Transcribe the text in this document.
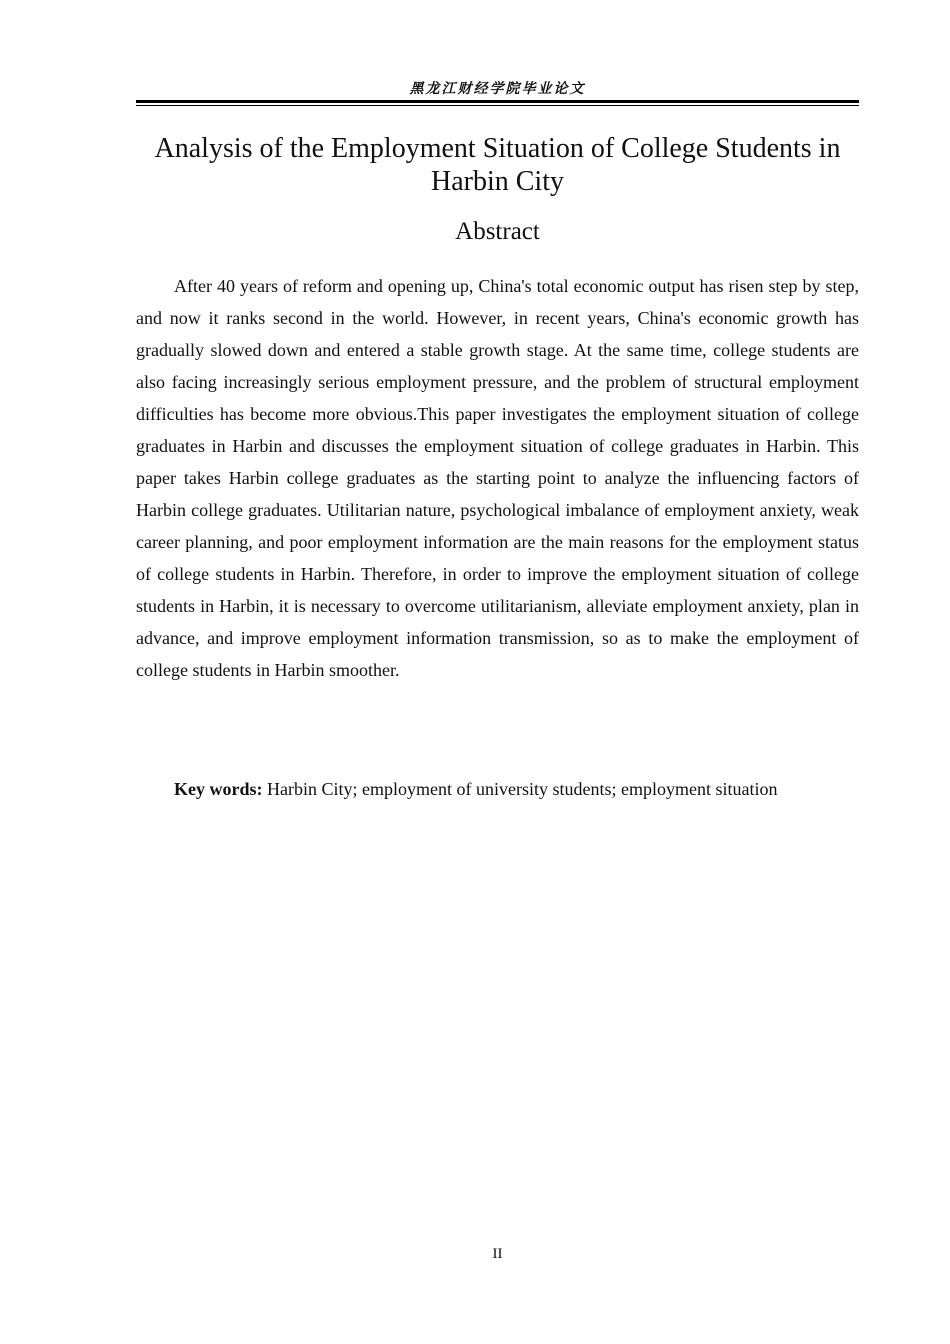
黑龙江财经学院毕业论文
Analysis of the Employment Situation of College Students in Harbin City
Abstract

After 40 years of reform and opening up, China's total economic output has risen step by step, and now it ranks second in the world. However, in recent years, China's economic growth has gradually slowed down and entered a stable growth stage. At the same time, college students are also facing increasingly serious employment pressure, and the problem of structural employment difficulties has become more obvious.This paper investigates the employment situation of college graduates in Harbin and discusses the employment situation of college graduates in Harbin. This paper takes Harbin college graduates as the starting point to analyze the influencing factors of Harbin college graduates. Utilitarian nature, psychological imbalance of employment anxiety, weak career planning, and poor employment information are the main reasons for the employment status of college students in Harbin. Therefore, in order to improve the employment situation of college students in Harbin, it is necessary to overcome utilitarianism, alleviate employment anxiety, plan in advance, and improve employment information transmission, so as to make the employment of college students in Harbin smoother.

Key words: Harbin City; employment of university students; employment situation

II
